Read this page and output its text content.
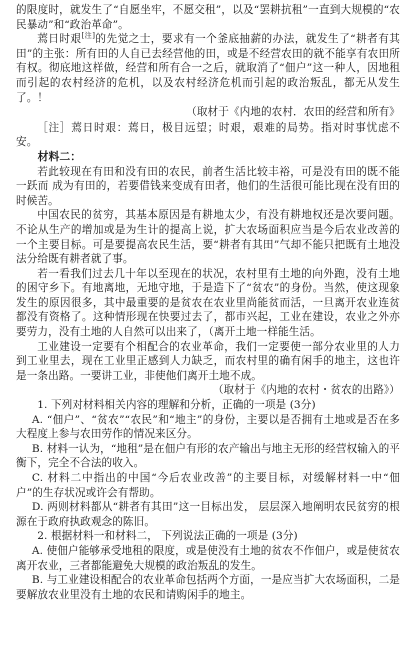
的限度时，就发生了“自愿坐牢，不愿交租”，以及“罢耕抗租”一直到大规模的“农民暴动”和“政治革命”。

蔫日时艰[注]的先觉之士，要求有一个釜底抽薪的办法，就发生了“耕者有其田”的主张：所有田的人自已去经营他的田，或是不经营农田的就不能享有农田所有权。彻底地这样做，经营和所有合一之后，就取消了“佃户”这一种人，因地租而引起的农村经济的危机，以及农村经济危机而引起的政治叛乱，都无从发生了。！

（取材于《内地的农村．农田的经营和所有》

［注］蔫日时艰：蔫日，极目远望；时艰，艰难的局势。指对时事忧虑不安。

材料二：

若此较现在有田和没有田的农民，前者生活比较丰裕，可是没有田的既不能一跃而 成为有田的，若要借钱来变成有田者，他们的生活很可能比现在没有田的时候苦。

中国农民的贫穷，其基本原因是有耕地太少，有没有耕地权还是次要问题。不论从生产的增加或是为生计的提高上说，扩大农场面积应当是今后农业改善的一个主要目标。可是要提高农民生活，要“耕者有其田”气却不能只把既有土地没法分给既有耕者就了事。

若一看我们过去几十年以至现在的状况，农村里有土地的向外跑，没有土地的困守乡下。有地离地，无地守地，于是造下了“贫农”的身份。当然，使这现象发生的原因很多，其中最重要的是贫农在农业里尚能贫而活，一旦离开农业连贫都没有资格了。这种情形现在快要过去了，都市兴起，工业在建设，农业之外亦要劳力，没有土地的人自然可以出来了，（离开土地一样能生活。

工业建设一定要有个相配合的农业革命，我们一定要使一部分农业里的人力到工业里去，现在工业里正感到人力缺乏，而农村里的确有闲手的地主，这也许是一条出路。一要讲工业，非使他们离开土地不成。

（取材于《内地的农村・贫农的出路》）

1. 下列对材料相关内容的理解和分析，正确的一项是 (3分)

A. “佃户”、“贫农”“农民”和“地主”的身份，主要以是否拥有土地或是否在多大程度上参与农田劳作的情况来区分。

B. 材料一认为，“地租”是在佃户有形的农产输出与地主无形的经营权输入的平衡下，完全不合法的收入。

C. 材料二中指出的中国“今后农业改善”的主要目标，对缓解材料一中“佃户”的生存状况或许会有帮助。

D. 两则材料都从“耕者有其田”这一目标出发， 层层深入地阐明农民贫穷的根源在于政府执政观念的陈旧。

2. 根据材料一和材料二， 下列说法正确的一项是 (3分)

A. 使佃户能够承受地租的限度，或是使没有土地的贫农不作佃户，或是使贫农离开农业，三者都能避免大规模的政治叛乱的发生。

B. 与工业建设相配合的农业革命包括两个方面，一是应当扩大农场面积，二是要解放农业里没有土地的农民和请购闲手的地主。
